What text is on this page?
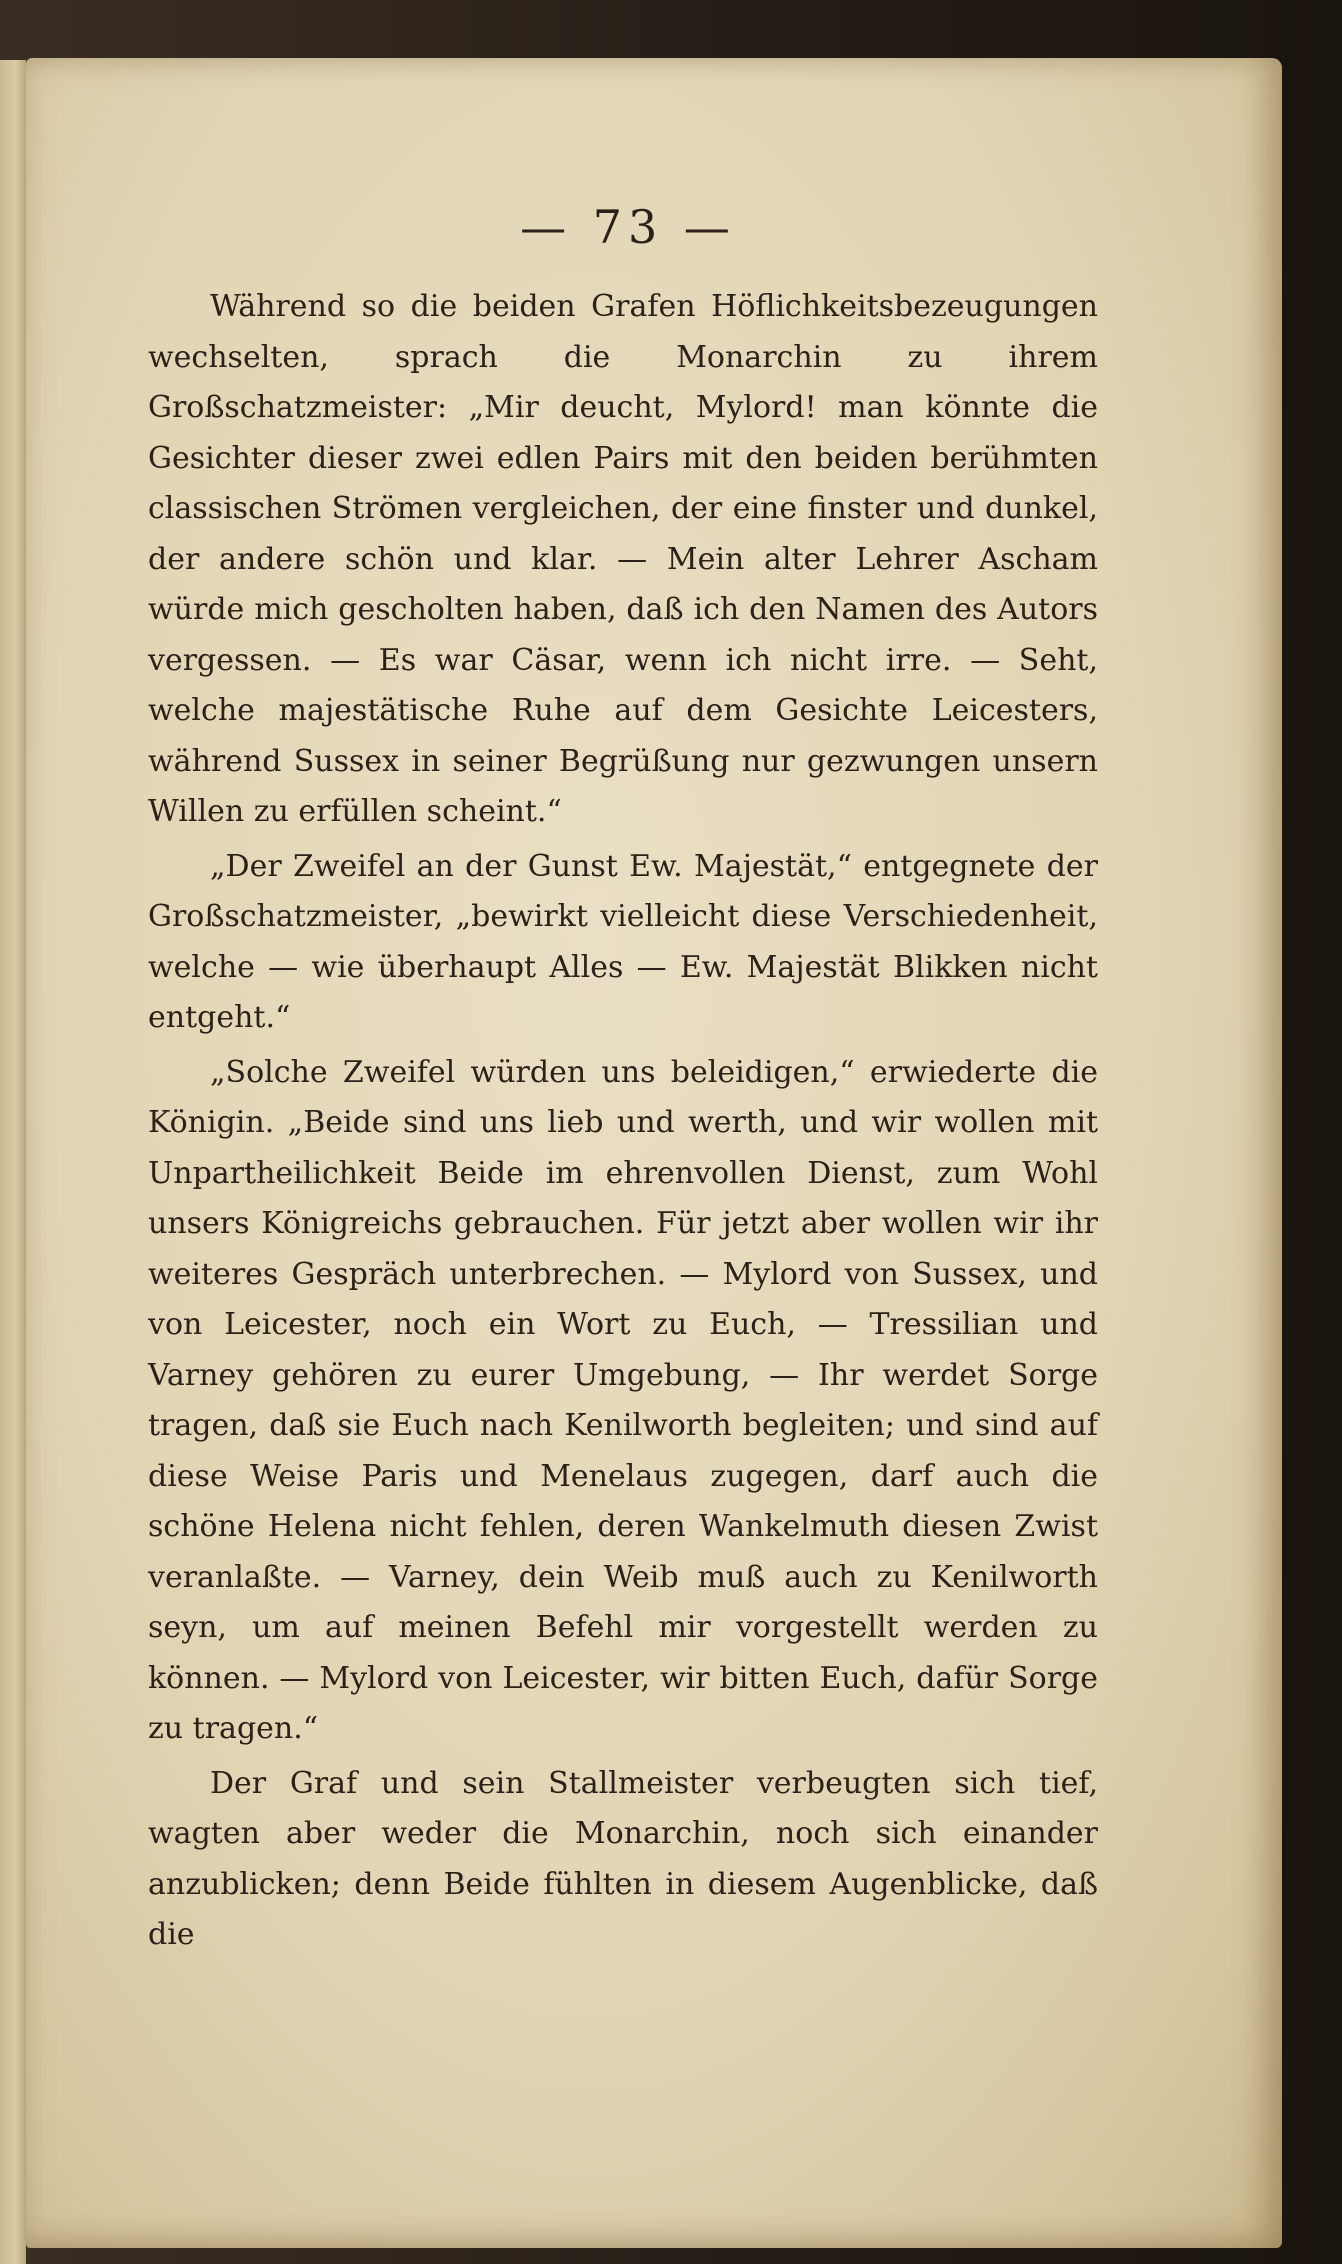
— 73 —

Während so die beiden Grafen Höflichkeitsbezeugungen wechselten, sprach die Monarchin zu ihrem Großschatzmeister: „Mir deucht, Mylord! man könnte die Gesichter dieser zwei edlen Pairs mit den beiden berühmten classischen Strömen vergleichen, der eine finster und dunkel, der andere schön und klar. — Mein alter Lehrer Ascham würde mich gescholten haben, daß ich den Namen des Autors vergessen. — Es war Cäsar, wenn ich nicht irre. — Seht, welche majestätische Ruhe auf dem Gesichte Leicesters, während Sussex in seiner Begrüßung nur gezwungen unsern Willen zu erfüllen scheint.“

„Der Zweifel an der Gunst Ew. Majestät,“ entgegnete der Großschatzmeister, „bewirkt vielleicht diese Verschiedenheit, welche — wie überhaupt Alles — Ew. Majestät Blikken nicht entgeht.“

„Solche Zweifel würden uns beleidigen,“ erwiederte die Königin. „Beide sind uns lieb und werth, und wir wollen mit Unpartheilichkeit Beide im ehrenvollen Dienst, zum Wohl unsers Königreichs gebrauchen. Für jetzt aber wollen wir ihr weiteres Gespräch unterbrechen. — Mylord von Sussex, und von Leicester, noch ein Wort zu Euch, — Tressilian und Varney gehören zu eurer Umgebung, — Ihr werdet Sorge tragen, daß sie Euch nach Kenilworth begleiten; und sind auf diese Weise Paris und Menelaus zugegen, darf auch die schöne Helena nicht fehlen, deren Wankelmuth diesen Zwist veranlaßte. — Varney, dein Weib muß auch zu Kenilworth seyn, um auf meinen Befehl mir vorgestellt werden zu können. — Mylord von Leicester, wir bitten Euch, dafür Sorge zu tragen.“

Der Graf und sein Stallmeister verbeugten sich tief, wagten aber weder die Monarchin, noch sich einander anzublicken; denn Beide fühlten in diesem Augenblicke, daß die
